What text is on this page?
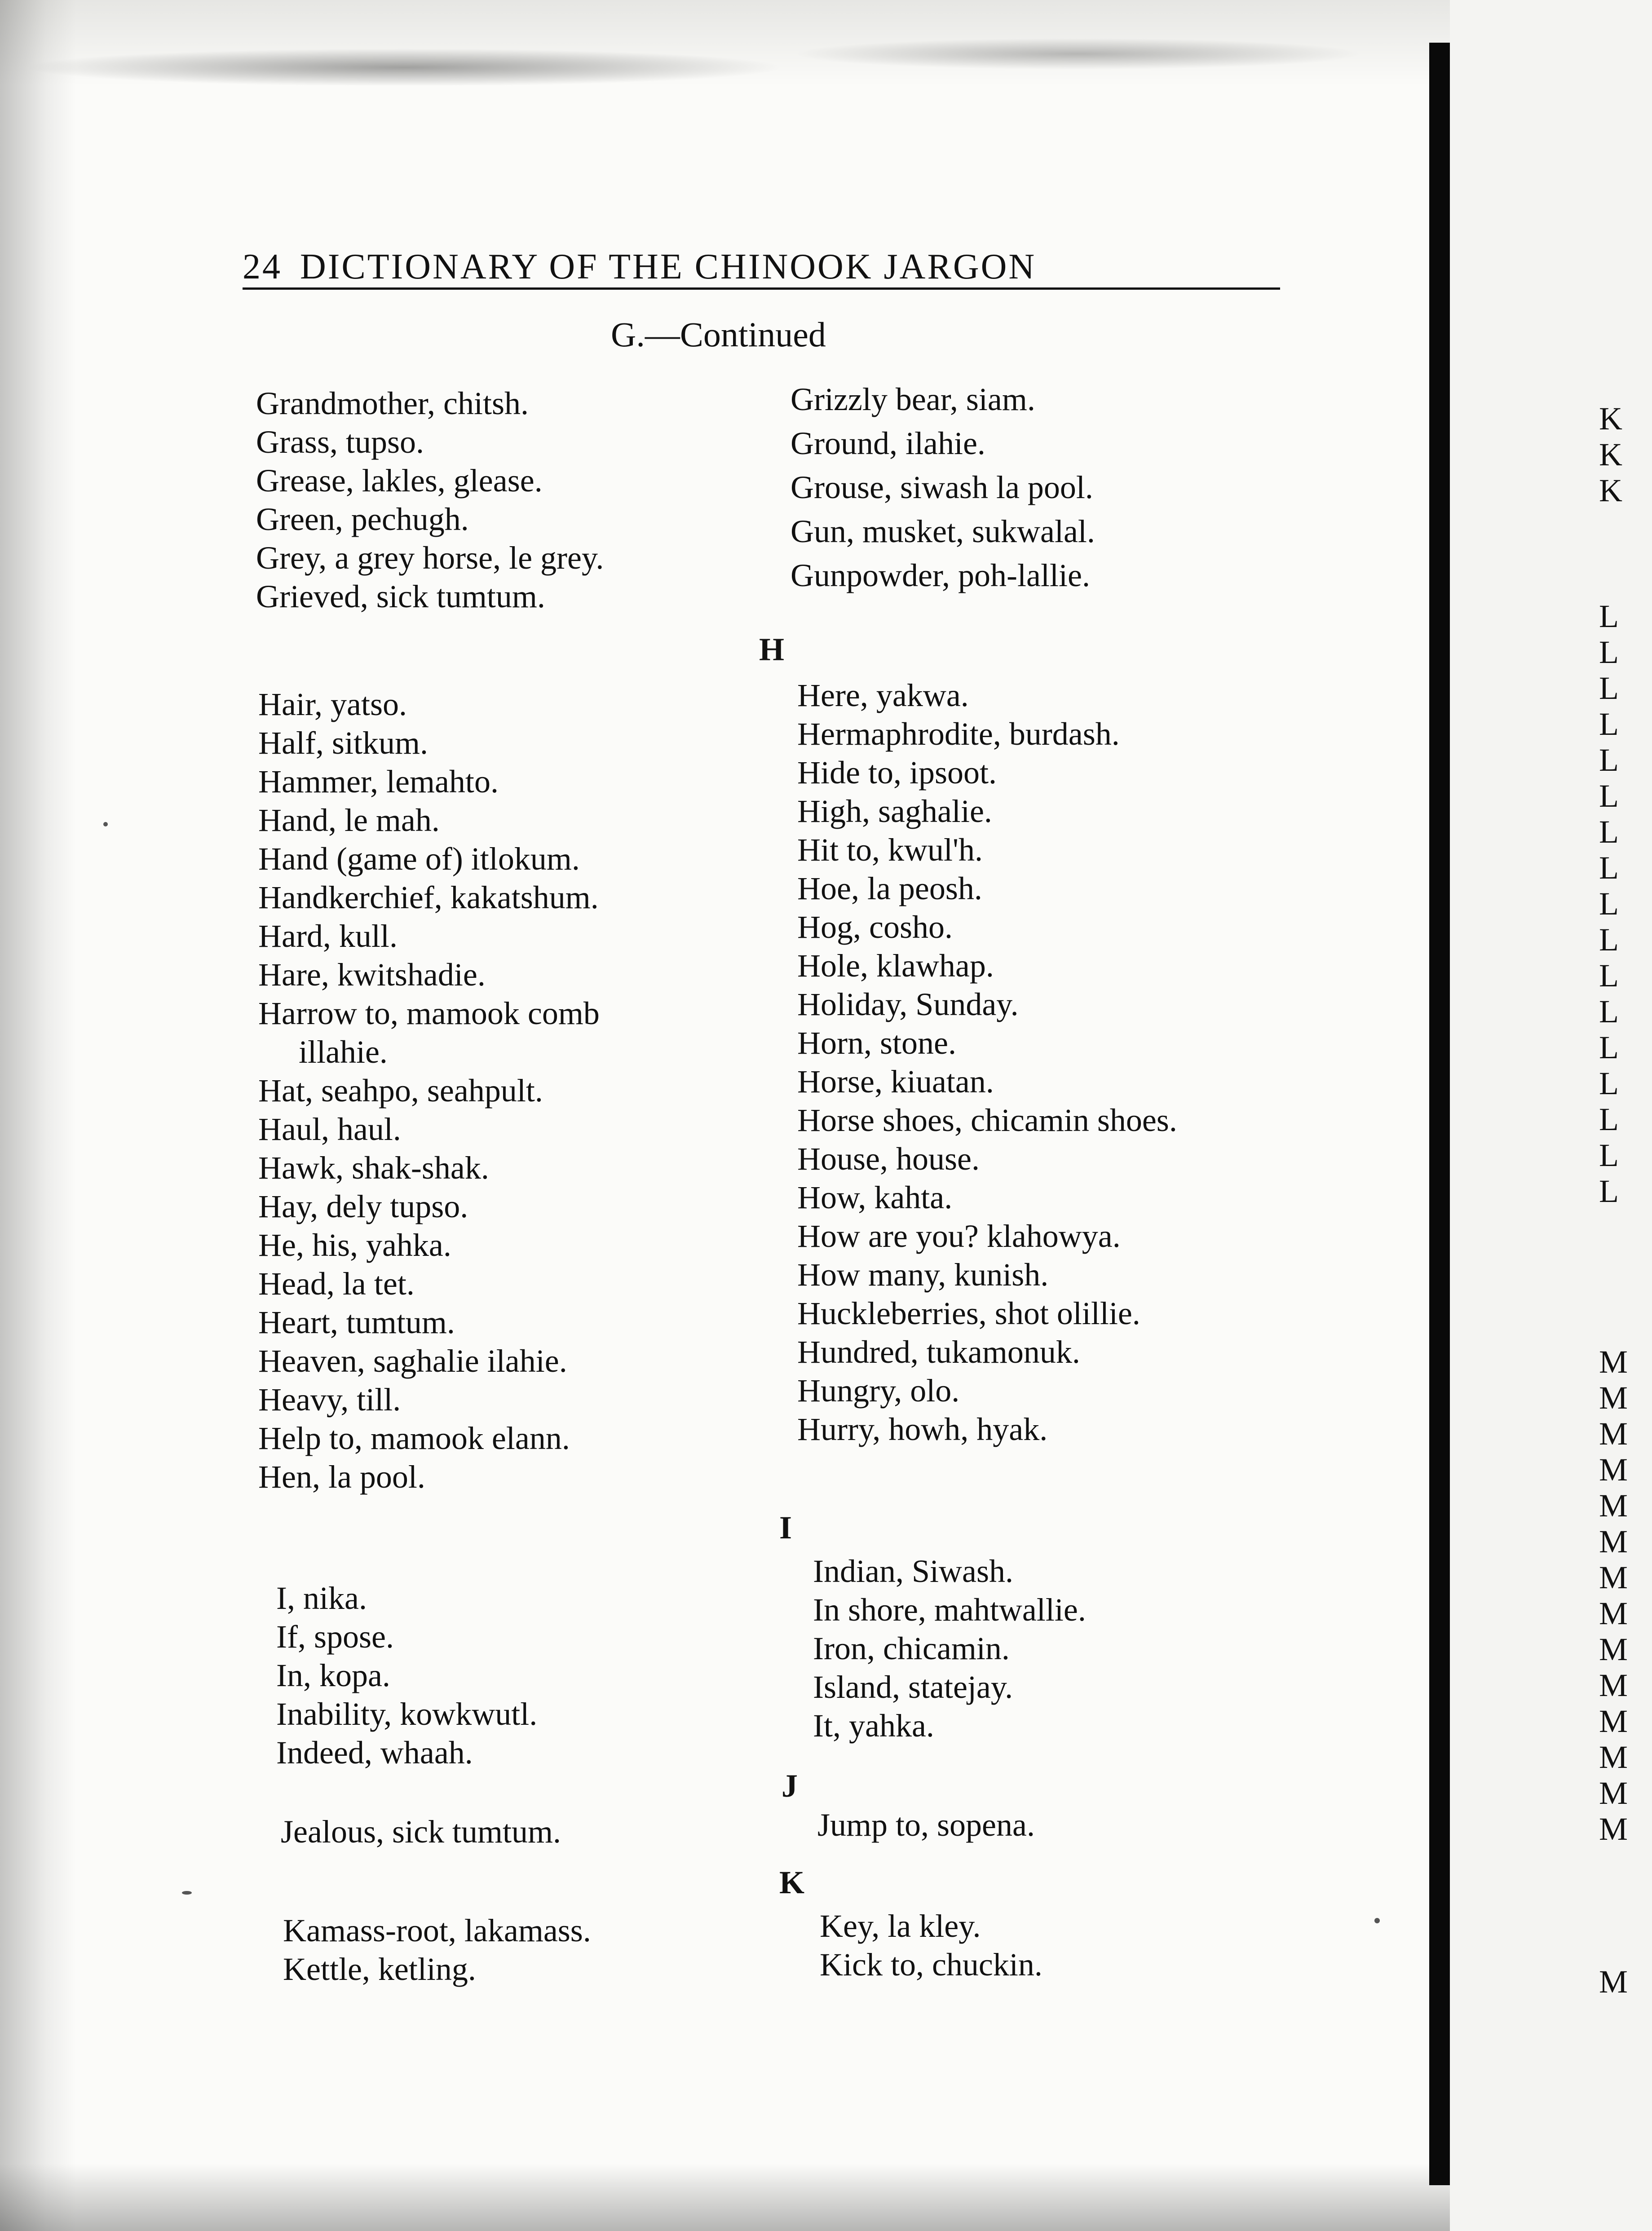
K
K
K
L
L
L
L
L
L
L
L
L
L
L
L
L
L
L
L
L
M
M
M
M
M
M
M
M
M
M
M
M
M
M
M
24 DICTIONARY OF THE CHINOOK JARGON
G.—Continued
Grandmother, chitsh.
Grass, tupso.
Grease, lakles, glease.
Green, pechugh.
Grey, a grey horse, le grey.
Grieved, sick tumtum.
Grizzly bear, siam.
Ground, ilahie.
Grouse, siwash la pool.
Gun, musket, sukwalal.
Gunpowder, poh-lallie.
H
Hair, yatso.
Half, sitkum.
Hammer, lemahto.
Hand, le mah.
Hand (game of) itlokum.
Handkerchief, kakatshum.
Hard, kull.
Hare, kwitshadie.
Harrow to, mamook comb
illahie.
Hat, seahpo, seahpult.
Haul, haul.
Hawk, shak-shak.
Hay, dely tupso.
He, his, yahka.
Head, la tet.
Heart, tumtum.
Heaven, saghalie ilahie.
Heavy, till.
Help to, mamook elann.
Hen, la pool.
Here, yakwa.
Hermaphrodite, burdash.
Hide to, ipsoot.
High, saghalie.
Hit to, kwul'h.
Hoe, la peosh.
Hog, cosho.
Hole, klawhap.
Holiday, Sunday.
Horn, stone.
Horse, kiuatan.
Horse shoes, chicamin shoes.
House, house.
How, kahta.
How are you? klahowya.
How many, kunish.
Huckleberries, shot olillie.
Hundred, tukamonuk.
Hungry, olo.
Hurry, howh, hyak.
I
I, nika.
If, spose.
In, kopa.
Inability, kowkwutl.
Indeed, whaah.
Indian, Siwash.
In shore, mahtwallie.
Iron, chicamin.
Island, statejay.
It, yahka.
J
Jealous, sick tumtum.	Jump to, sopena.
K
Kamass-root, lakamass.
Kettle, ketling.
Key, la kley.
Kick to, chuckin.
